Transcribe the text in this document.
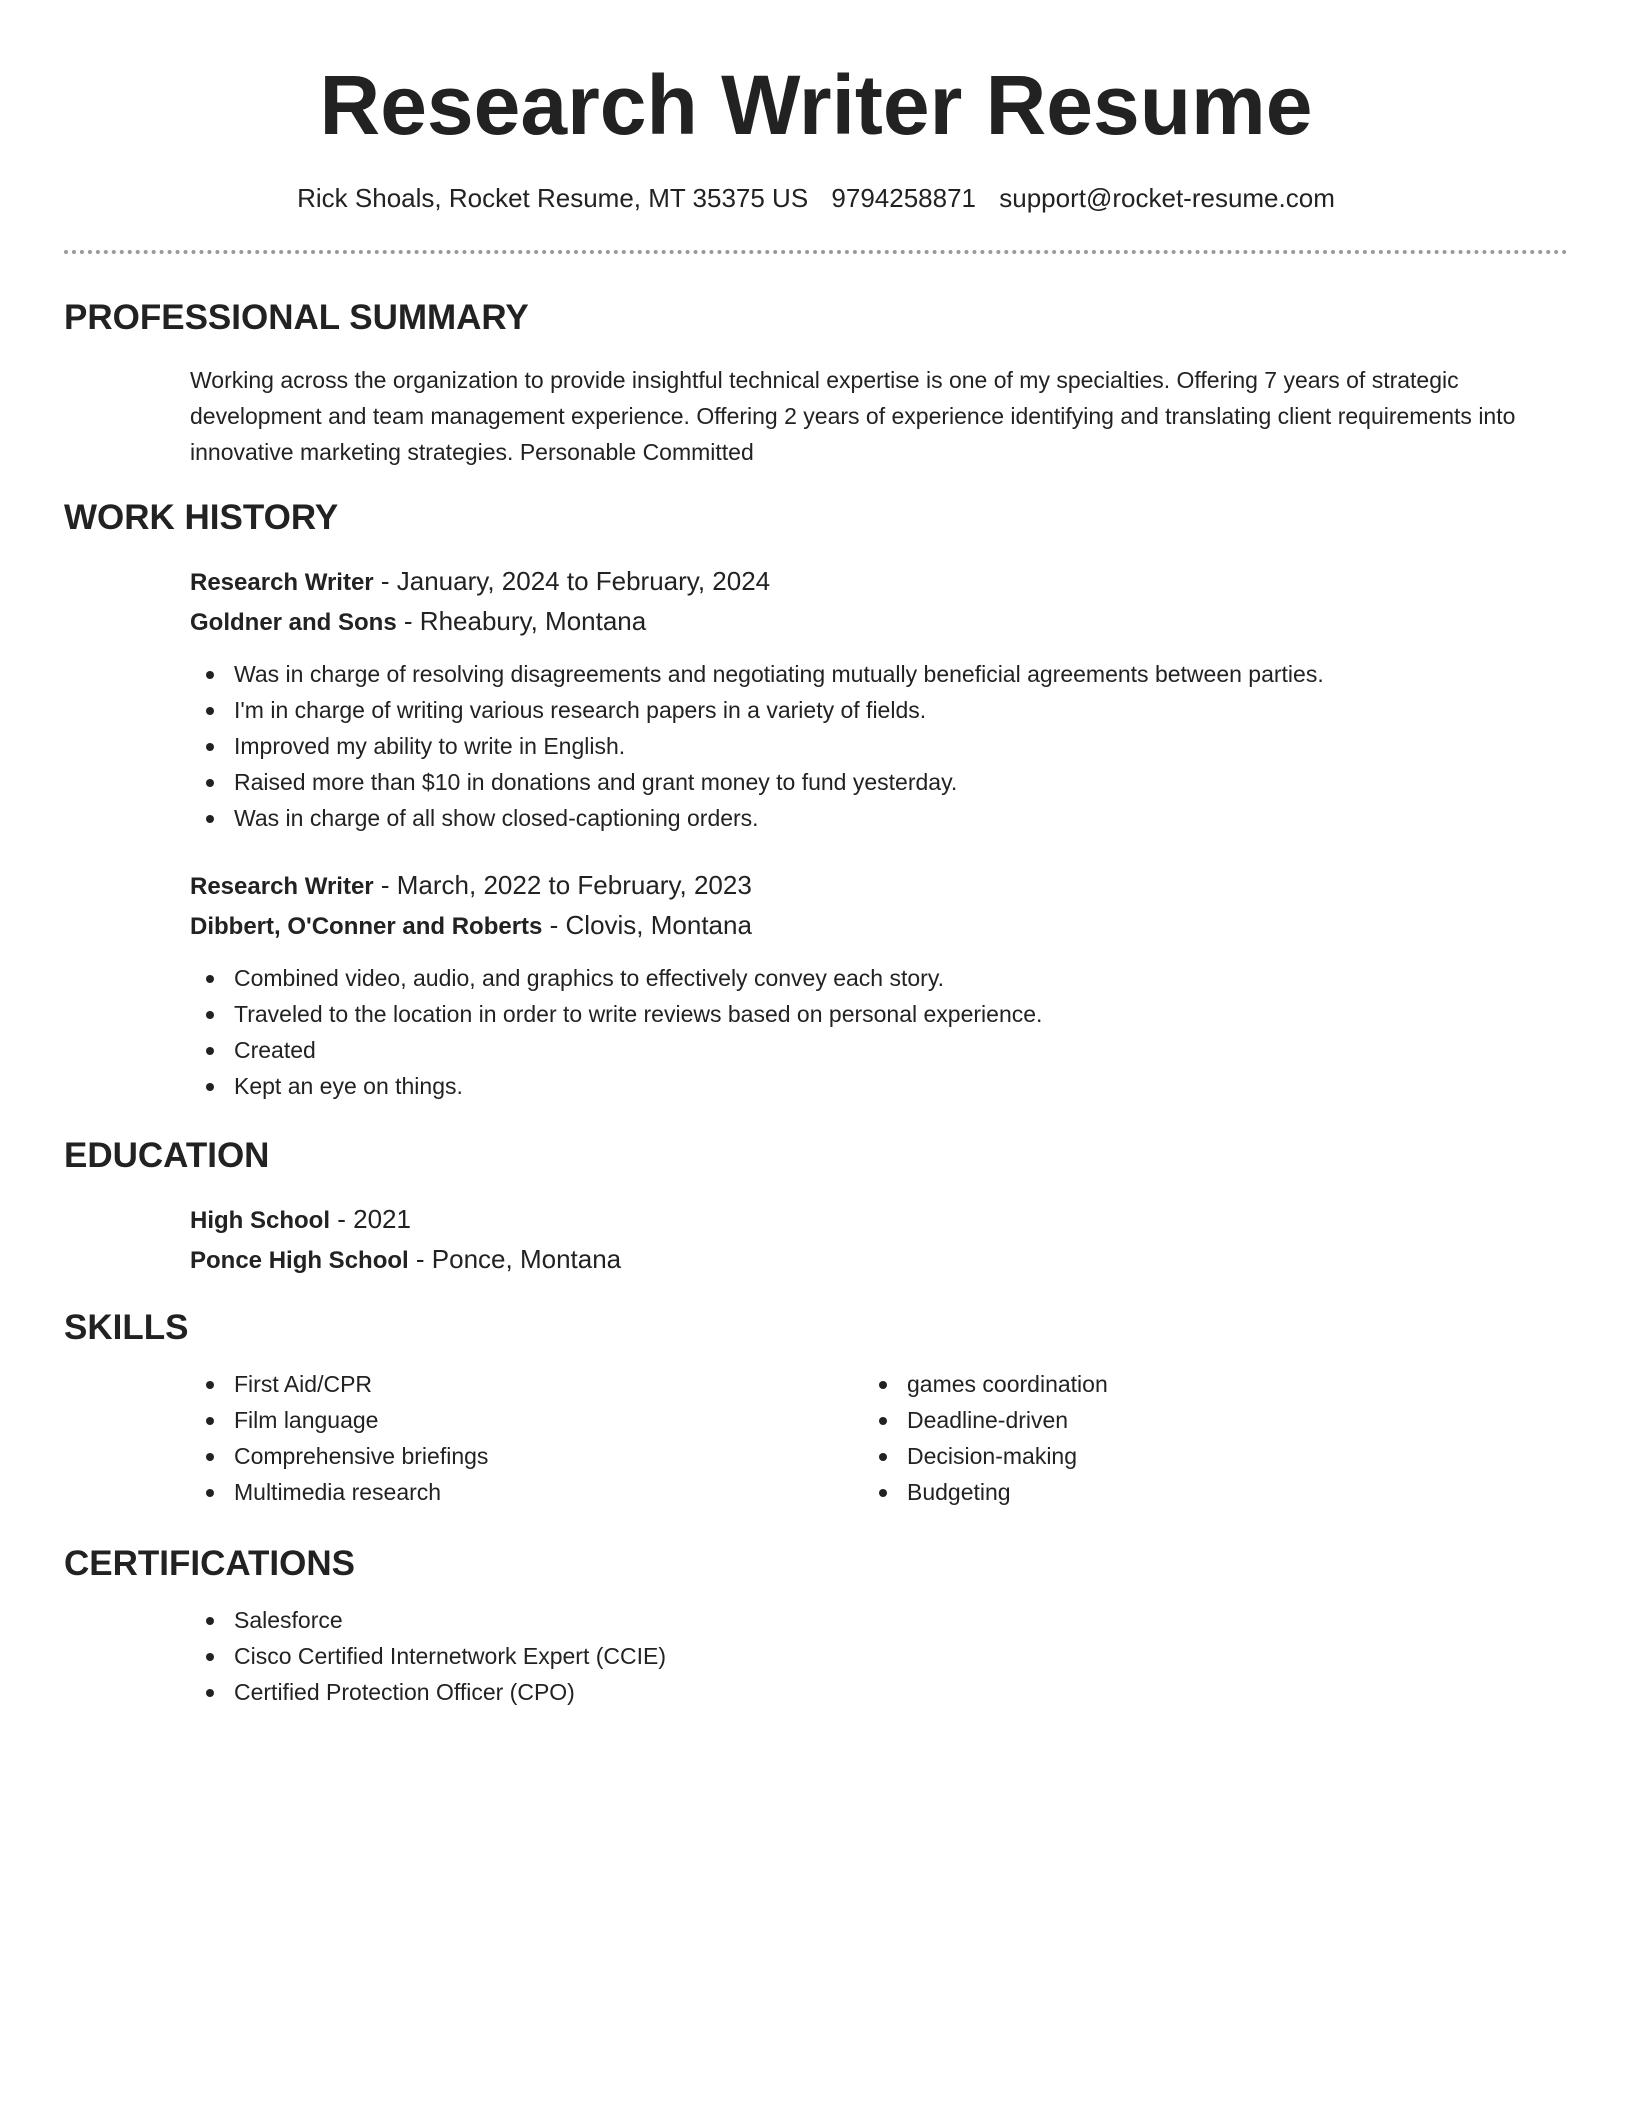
Research Writer Resume
Rick Shoals, Rocket Resume, MT 35375 US 9794258871 support@rocket-resume.com
PROFESSIONAL SUMMARY
Working across the organization to provide insightful technical expertise is one of my specialties. Offering 7 years of strategic development and team management experience. Offering 2 years of experience identifying and translating client requirements into innovative marketing strategies. Personable Committed
WORK HISTORY
Research Writer - January, 2024 to February, 2024
Goldner and Sons - Rheabury, Montana
Was in charge of resolving disagreements and negotiating mutually beneficial agreements between parties.
I'm in charge of writing various research papers in a variety of fields.
Improved my ability to write in English.
Raised more than $10 in donations and grant money to fund yesterday.
Was in charge of all show closed-captioning orders.
Research Writer - March, 2022 to February, 2023
Dibbert, O'Conner and Roberts - Clovis, Montana
Combined video, audio, and graphics to effectively convey each story.
Traveled to the location in order to write reviews based on personal experience.
Created
Kept an eye on things.
EDUCATION
High School - 2021
Ponce High School - Ponce, Montana
SKILLS
First Aid/CPR
Film language
Comprehensive briefings
Multimedia research
games coordination
Deadline-driven
Decision-making
Budgeting
CERTIFICATIONS
Salesforce
Cisco Certified Internetwork Expert (CCIE)
Certified Protection Officer (CPO)
